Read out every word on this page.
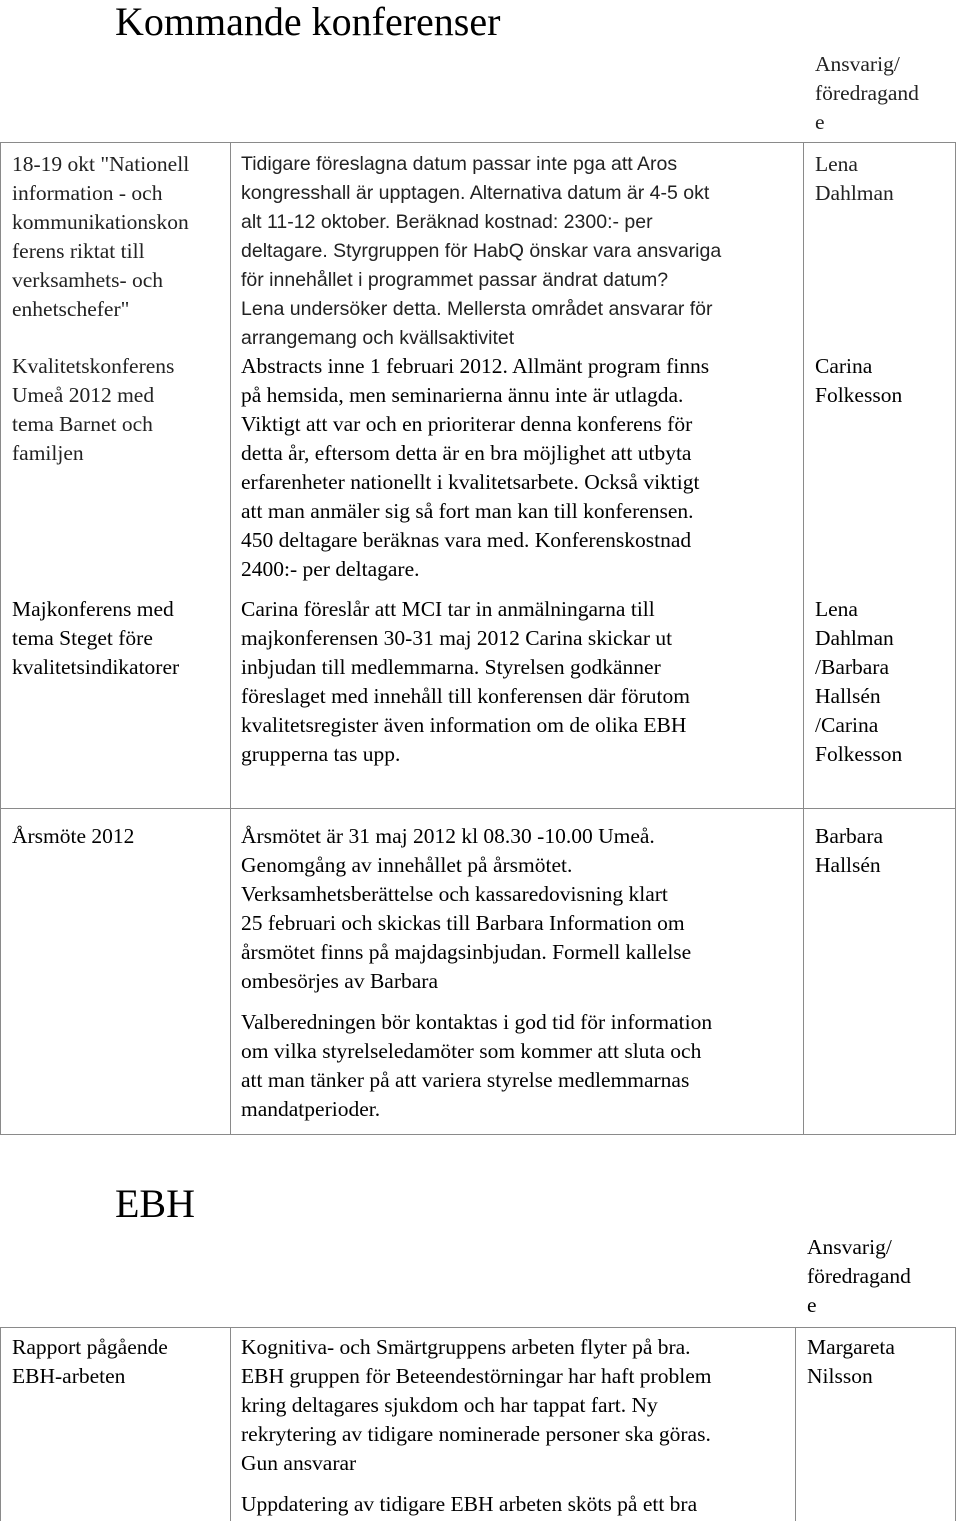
Kommande konferenser
Ansvarig/
föredragand
e
18-19 okt "Nationell
information - och
kommunikationskon
ferens riktat till
verksamhets- och
enhetschefer"
Tidigare föreslagna datum passar inte pga att Aros
kongresshall är upptagen. Alternativa datum är 4-5 okt
alt 11-12 oktober. Beräknad kostnad: 2300:- per
deltagare. Styrgruppen för HabQ önskar vara ansvariga
för innehållet i programmet passar ändrat datum?
Lena undersöker detta. Mellersta området ansvarar för
arrangemang och kvällsaktivitet
Lena
Dahlman
Kvalitetskonferens
Umeå 2012 med
tema Barnet och
familjen
Abstracts inne 1 februari 2012. Allmänt program finns
på hemsida, men seminarierna ännu inte är utlagda.
Viktigt att var och en prioriterar denna konferens för
detta år, eftersom detta är en bra möjlighet att utbyta
erfarenheter nationellt i kvalitetsarbete. Också viktigt
att man anmäler sig så fort man kan till konferensen.
450 deltagare beräknas vara med. Konferenskostnad
2400:- per deltagare.
Carina
Folkesson
Majkonferens med
tema Steget före
kvalitetsindikatorer
Carina föreslår att MCI tar in anmälningarna till
majkonferensen 30-31 maj 2012 Carina skickar ut
inbjudan till medlemmarna. Styrelsen godkänner
föreslaget med innehåll till konferensen där förutom
kvalitetsregister även information om de olika EBH
grupperna tas upp.
Lena
Dahlman
/Barbara
Hallsén
/Carina
Folkesson
Årsmöte 2012	Årsmötet är 31 maj 2012 kl 08.30 -10.00 Umeå.
Genomgång av innehållet på årsmötet.
Verksamhetsberättelse och kassaredovisning klart
25 februari och skickas till Barbara Information om
årsmötet finns på majdagsinbjudan. Formell kallelse
ombesörjes av Barbara
Valberedningen bör kontaktas i god tid för information
om vilka styrelseledamöter som kommer att sluta och
att man tänker på att variera styrelse medlemmarnas
mandatperioder.
Barbara
Hallsén
EBH
Ansvarig/
föredragand
e
Rapport pågående
EBH-arbeten
Kognitiva- och Smärtgruppens arbeten flyter på bra.
EBH gruppen för Beteendestörningar har haft problem
kring deltagares sjukdom och har tappat fart. Ny
rekrytering av tidigare nominerade personer ska göras.
Gun ansvarar
Uppdatering av tidigare EBH arbeten sköts på ett bra
Margareta
Nilsson
